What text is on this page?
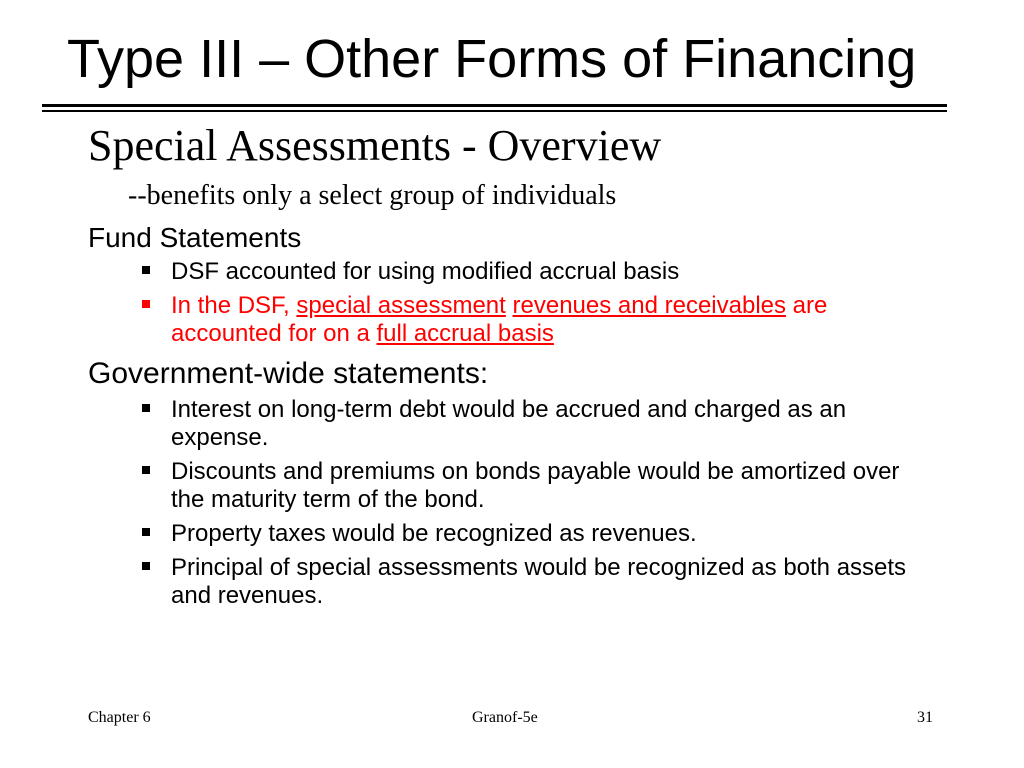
Type III – Other Forms of Financing
Special Assessments - Overview

--benefits only a select group of individuals

Fund Statements
DSF accounted for using modified accrual basis
In the DSF, special assessment revenues and receivables are accounted for on a full accrual basis
Government-wide statements:
Interest on long-term debt would be accrued and charged as an expense.
Discounts and premiums on bonds payable would be amortized over the maturity term of the bond.
Property taxes would be recognized as revenues.
Principal of special assessments would be recognized as both assets and revenues.
Chapter 6	Granof-5e	31
